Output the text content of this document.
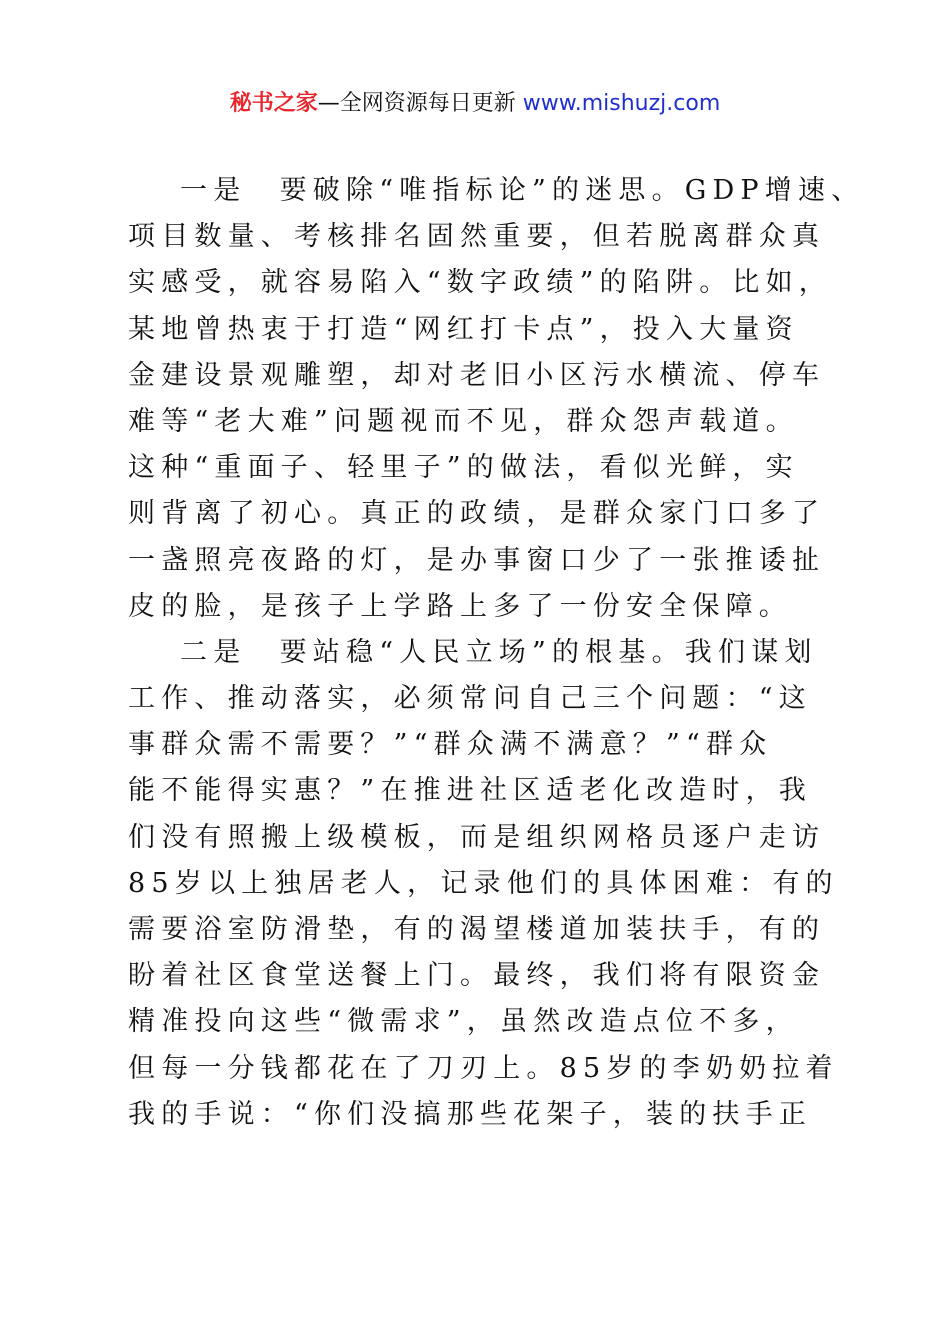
秘书之家—全网资源每日更新 www.mishuzj.com
一是　要破除“唯指标论”的迷思。GDP增速、
项目数量、考核排名固然重要，但若脱离群众真
实感受，就容易陷入“数字政绩”的陷阱。比如，
某地曾热衷于打造“网红打卡点”，投入大量资
金建设景观雕塑，却对老旧小区污水横流、停车
难等“老大难”问题视而不见，群众怨声载道。
这种“重面子、轻里子”的做法，看似光鲜，实
则背离了初心。真正的政绩，是群众家门口多了
一盏照亮夜路的灯，是办事窗口少了一张推诿扯
皮的脸，是孩子上学路上多了一份安全保障。
二是　要站稳“人民立场”的根基。我们谋划
工作、推动落实，必须常问自己三个问题：“这
事群众需不需要？”“群众满不满意？”“群众
能不能得实惠？”在推进社区适老化改造时，我
们没有照搬上级模板，而是组织网格员逐户走访
85岁以上独居老人，记录他们的具体困难：有的
需要浴室防滑垫，有的渴望楼道加装扶手，有的
盼着社区食堂送餐上门。最终，我们将有限资金
精准投向这些“微需求”，虽然改造点位不多，
但每一分钱都花在了刀刃上。85岁的李奶奶拉着
我的手说：“你们没搞那些花架子，装的扶手正
